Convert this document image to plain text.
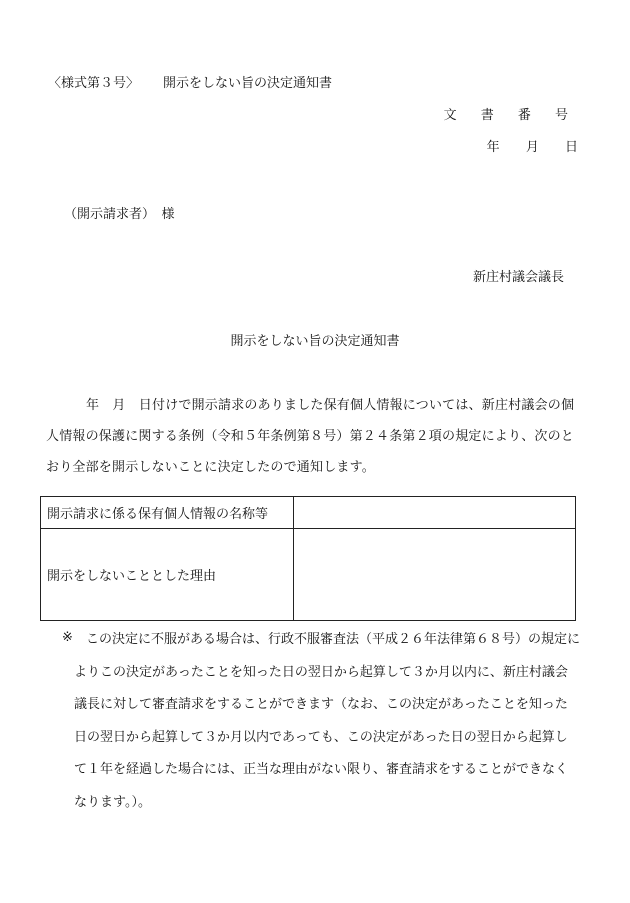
〈様式第３号〉 開示をしない旨の決定通知書
文 書 番 号
年 月 日
（開示請求者）　様
新庄村議会議長
開示をしない旨の決定通知書
年　月　日付けで開示請求のありました保有個人情報については、新庄村議会の個人情報の保護に関する条例（令和５年条例第８号）第２４条第２項の規定により、次のとおり全部を開示しないことに決定したので通知します。
開示請求に係る保有個人情報の名称等	
開示をしないこととした理由	
※	この決定に不服がある場合は、行政不服審査法（平成２６年法律第６８号）の規定によりこの決定があったことを知った日の翌日から起算して３か月以内に、新庄村議会議長に対して審査請求をすることができます（なお、この決定があったことを知った日の翌日から起算して３か月以内であっても、この決定があった日の翌日から起算して１年を経過した場合には、正当な理由がない限り、審査請求をすることができなくなります。）。
